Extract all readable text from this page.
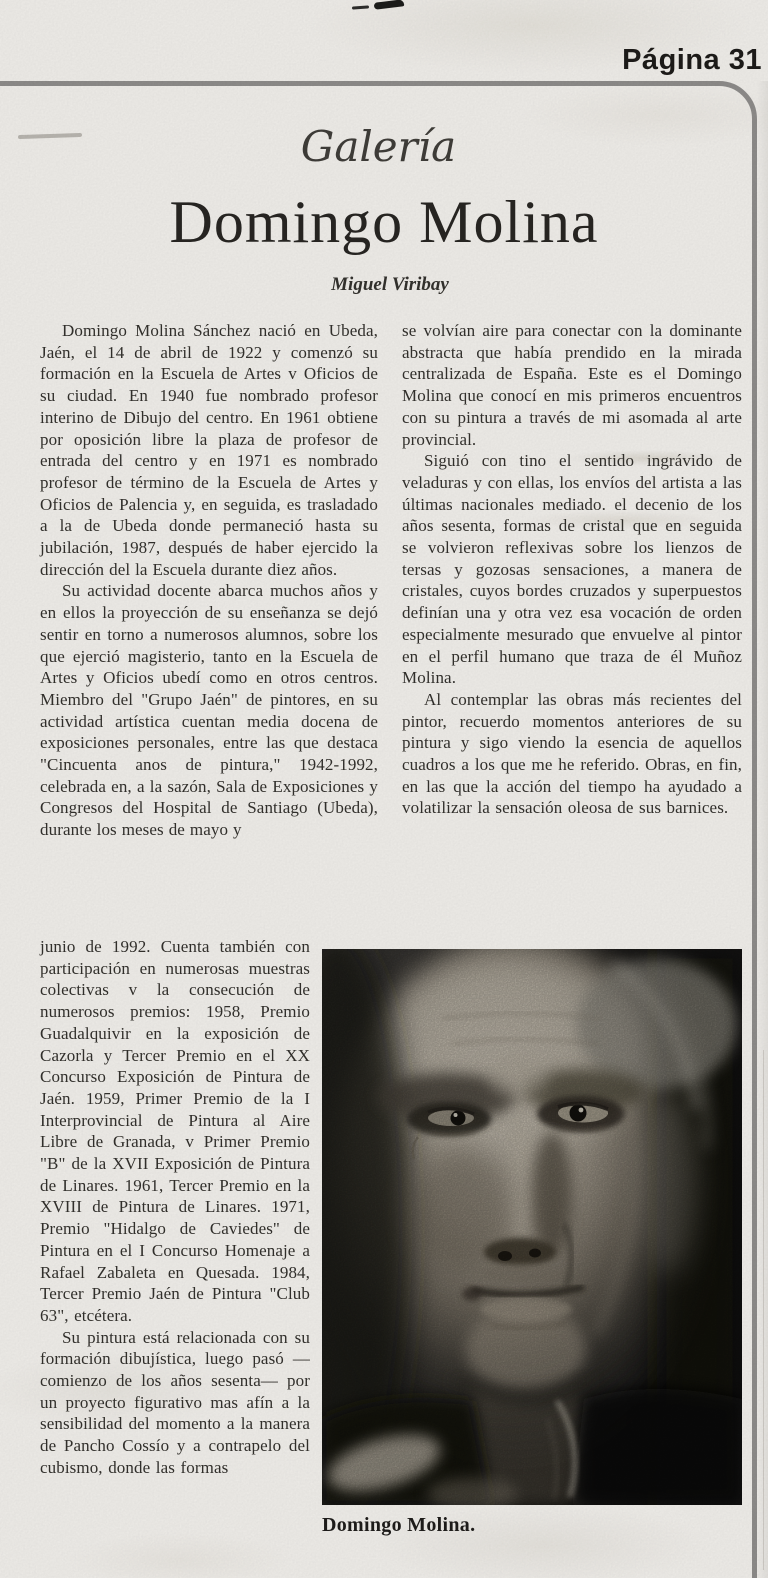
Página 31
Galería
Domingo Molina
Miguel Viribay

Domingo Molina Sánchez nació en Ubeda, Jaén, el 14 de abril de 1922 y comenzó su formación en la Escuela de Artes v Oficios de su ciudad. En 1940 fue nombrado profesor interino de Dibujo del centro. En 1961 obtiene por oposición libre la plaza de profesor de entrada del centro y en 1971 es nombrado profesor de término de la Escuela de Artes y Oficios de Palencia y, en seguida, es trasladado a la de Ubeda donde permaneció hasta su jubilación, 1987, después de haber ejercido la dirección del la Escuela durante diez años.

Su actividad docente abarca muchos años y en ellos la proyección de su enseñanza se dejó sentir en torno a numerosos alumnos, sobre los que ejerció magisterio, tanto en la Escuela de Artes y Oficios ubedí como en otros centros. Miembro del "Grupo Jaén" de pintores, en su actividad artística cuentan media docena de exposiciones personales, entre las que destaca "Cincuenta anos de pintura," 1942-1992, celebrada en, a la sazón, Sala de Exposiciones y Congresos del Hospital de Santiago (Ubeda), durante los meses de mayo y

junio de 1992. Cuenta también con participación en numerosas muestras colectivas v la consecución de numerosos premios: 1958, Premio Guadalquivir en la exposición de Cazorla y Tercer Premio en el XX Concurso Exposición de Pintura de Jaén. 1959, Primer Premio de la I Interprovincial de Pintura al Aire Libre de Granada, v Primer Premio "B" de la XVII Exposición de Pintura de Linares. 1961, Tercer Premio en la XVIII de Pintura de Linares. 1971, Premio "Hidalgo de Caviedes" de Pintura en el I Concurso Homenaje a Rafael Zabaleta en Quesada. 1984, Tercer Premio Jaén de Pintura "Club 63", etcétera.

Su pintura está relacionada con su formación dibujística, luego pasó —comienzo de los años sesenta— por un proyecto figurativo mas afín a la sensibilidad del momento a la manera de Pancho Cossío y a contrapelo del cubismo, donde las formas

se volvían aire para conectar con la dominante abstracta que había prendido en la mirada centralizada de España. Este es el Domingo Molina que conocí en mis primeros encuentros con su pintura a través de mi asomada al arte provincial.

Siguió con tino el sentido ingrávido de veladuras y con ellas, los envíos del artista a las últimas nacionales mediado. el decenio de los años sesenta, formas de cristal que en seguida se volvieron reflexivas sobre los lienzos de tersas y gozosas sensaciones, a manera de cristales, cuyos bordes cruzados y superpuestos definían una y otra vez esa vocación de orden especialmente mesurado que envuelve al pintor en el perfil humano que traza de él Muñoz Molina.

Al contemplar las obras más recientes del pintor, recuerdo momentos anteriores de su pintura y sigo viendo la esencia de aquellos cuadros a los que me he referido. Obras, en fin, en las que la acción del tiempo ha ayudado a volatilizar la sensación oleosa de sus barnices.

Domingo Molina.
